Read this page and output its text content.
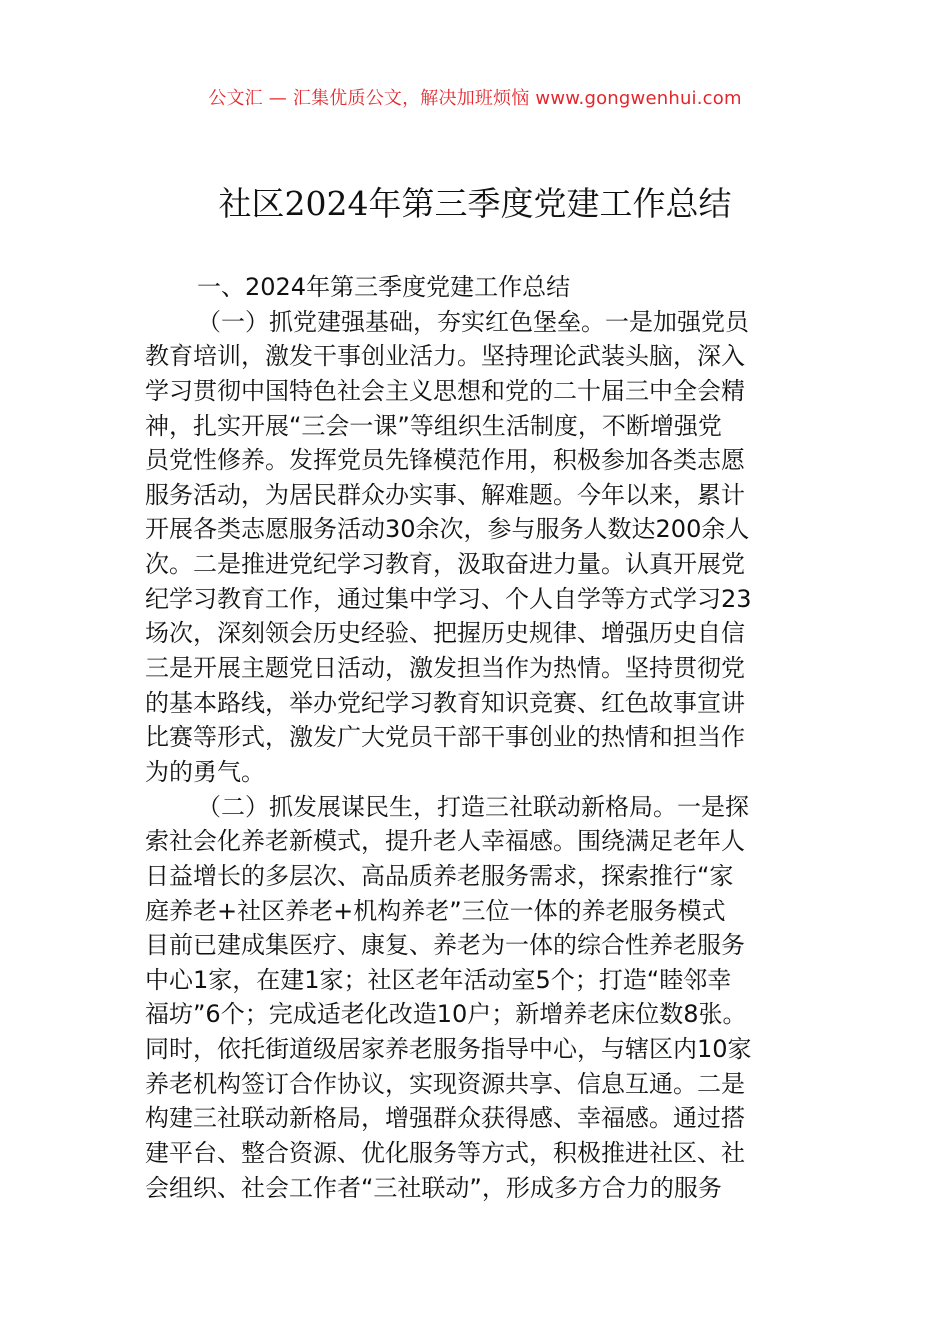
公文汇 — 汇集优质公文，解决加班烦恼 www.gongwenhui.com
社区2024年第三季度党建工作总结
一、2024年第三季度党建工作总结
（一）抓党建强基础，夯实红色堡垒。一是加强党员
教育培训，激发干事创业活力。坚持理论武装头脑，深入
学习贯彻中国特色社会主义思想和党的二十届三中全会精
神，扎实开展“三会一课”等组织生活制度，不断增强党
员党性修养。发挥党员先锋模范作用，积极参加各类志愿
服务活动，为居民群众办实事、解难题。今年以来，累计
开展各类志愿服务活动30余次，参与服务人数达200余人
次。二是推进党纪学习教育，汲取奋进力量。认真开展党
纪学习教育工作，通过集中学习、个人自学等方式学习23
场次，深刻领会历史经验、把握历史规律、增强历史自信
三是开展主题党日活动，激发担当作为热情。坚持贯彻党
的基本路线，举办党纪学习教育知识竞赛、红色故事宣讲
比赛等形式，激发广大党员干部干事创业的热情和担当作
为的勇气。
（二）抓发展谋民生，打造三社联动新格局。一是探
索社会化养老新模式，提升老人幸福感。围绕满足老年人
日益增长的多层次、高品质养老服务需求，探索推行“家
庭养老+社区养老+机构养老”三位一体的养老服务模式
目前已建成集医疗、康复、养老为一体的综合性养老服务
中心1家，在建1家；社区老年活动室5个；打造“睦邻幸
福坊”6个；完成适老化改造10户；新增养老床位数8张。
同时，依托街道级居家养老服务指导中心，与辖区内10家
养老机构签订合作协议，实现资源共享、信息互通。二是
构建三社联动新格局，增强群众获得感、幸福感。通过搭
建平台、整合资源、优化服务等方式，积极推进社区、社
会组织、社会工作者“三社联动”，形成多方合力的服务
